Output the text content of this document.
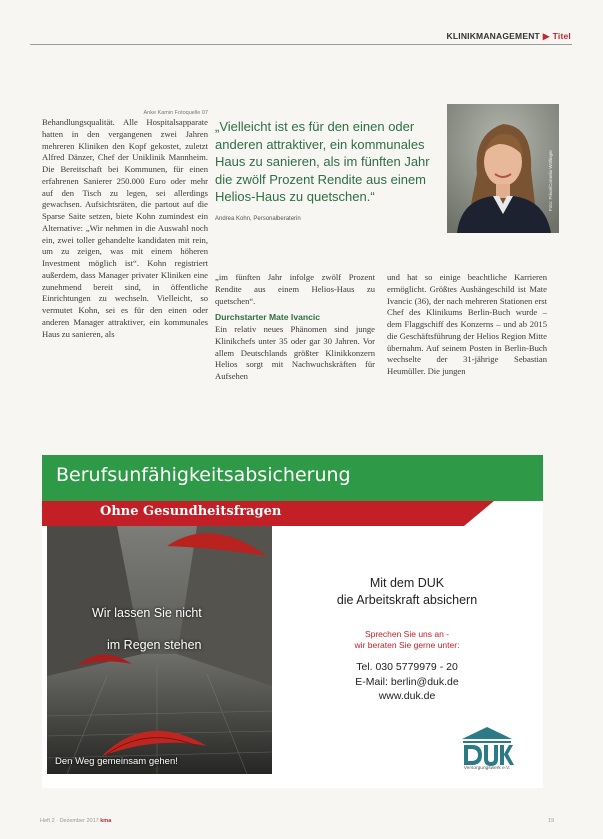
KLINIKMANAGEMENT ▶ Titel
Anke Kamin Fotoquelle 07

Behandlungsqualität. Alle Hospitalsapparate hatten in den vergangenen zwei Jahren mehreren Kliniken den Kopf gekostet, zuletzt Alfred Dänzer, Chef der Uniklinik Mannheim. Die Bereitschaft bei Kommunen, für einen erfahrenen Sanierer 250.000 Euro oder mehr auf den Tisch zu legen, sei allerdings gewachsen. Aufsichtsräten, die partout auf die Sparse Saite setzen, biete Kohn zumindest ein Alternative: „Wir nehmen in die Auswahl noch ein, zwei toller gehandelte kandidaten mit rein, um zu zeigen, was mit einem höheren Investment möglich ist“. Kohn registriert außerdem, dass Manager privater Kliniken eine zunehmend bereit sind, in öffentliche Einrichtungen zu wechseln. Vielleicht, so vermutet Kohn, sei es für den einen oder anderen Manager attraktiver, ein kommunales Haus zu sanieren, als

„Vielleicht ist es für den einen oder anderen attraktiver, ein kommunales Haus zu sanieren, als im fünften Jahr die zwölf Prozent Rendite aus einem Helios-Haus zu quetschen.“

Andrea Kohn, Personalberaterin
Foto: Privat/Cornelia Wöllinger

„im fünften Jahr infolge zwölf Prozent Rendite aus einem Helios-Haus zu quetschen“.

Durchstarter Mate Ivancic

Ein relativ neues Phänomen sind junge Klinikchefs unter 35 oder gar 30 Jahren. Vor allem Deutschlands größter Klinikkonzern Helios sorgt mit Nachwuchskräften für Aufsehen

und hat so einige beachtliche Karrieren ermöglicht. Größtes Aushängeschild ist Mate Ivancic (36), der nach mehreren Stationen erst Chef des Klinikums Berlin-Buch wurde – dem Flaggschiff des Konzerns – und ab 2015 die Geschäftsführung der Helios Region Mitte übernahm. Auf seinem Posten in Berlin-Buch wechselte der 31-jährige Sebastian Heumüller. Die jungen

Berufsunfähigkeitsabsicherung
Ohne Gesundheitsfragen
Wir lassen Sie nicht
im Regen stehen
Den Weg gemeinsam gehen!
Mit dem DUK
die Arbeitskraft absichern
Sprechen Sie uns an -
wir beraten Sie gerne unter:
Tel. 030 5779979 - 20
E-Mail: berlin@duk.de
www.duk.de
Versorgungswerk e.V.
Heft 2 · Dezember 2017 kma	19
